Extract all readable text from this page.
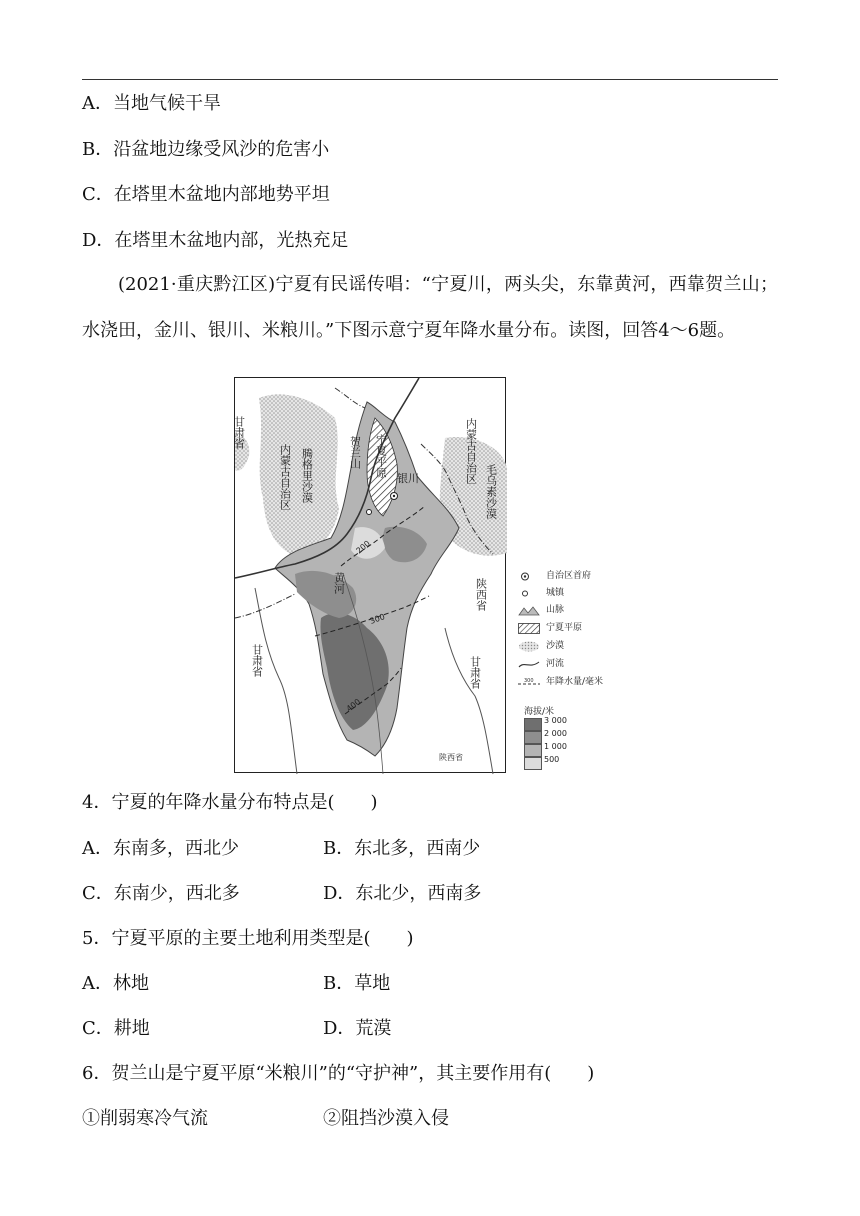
A．当地气候干旱
B．沿盆地边缘受风沙的危害小
C．在塔里木盆地内部地势平坦
D．在塔里木盆地内部，光热充足
(2021·重庆黔江区)宁夏有民谣传唱：“宁夏川，两头尖，东靠黄河，西靠贺兰山；水浇田，金川、银川、米粮川。”下图示意宁夏年降水量分布。读图，回答4～6题。
甘肃省
内蒙古自治区 腾格里沙漠	贺兰山 宁夏平原
银川	内蒙古自治区
毛乌素沙漠
陕西省
黄河
甘肃省	甘肃省
陕西省
200
300
400
自治区首府
城镇
山脉
宁夏平原
沙漠
河流
300 年降水量/毫米
海拔/米
3 000
2 000
1 000
500
4．宁夏的年降水量分布特点是(　　)
A．东南多，西北少	B．东北多，西南少
C．东南少，西北多	D．东北少，西南多
5．宁夏平原的主要土地利用类型是(　　)
A．林地	B．草地
C．耕地	D．荒漠
6．贺兰山是宁夏平原“米粮川”的“守护神”，其主要作用有(　　)
①削弱寒冷气流	②阻挡沙漠入侵
